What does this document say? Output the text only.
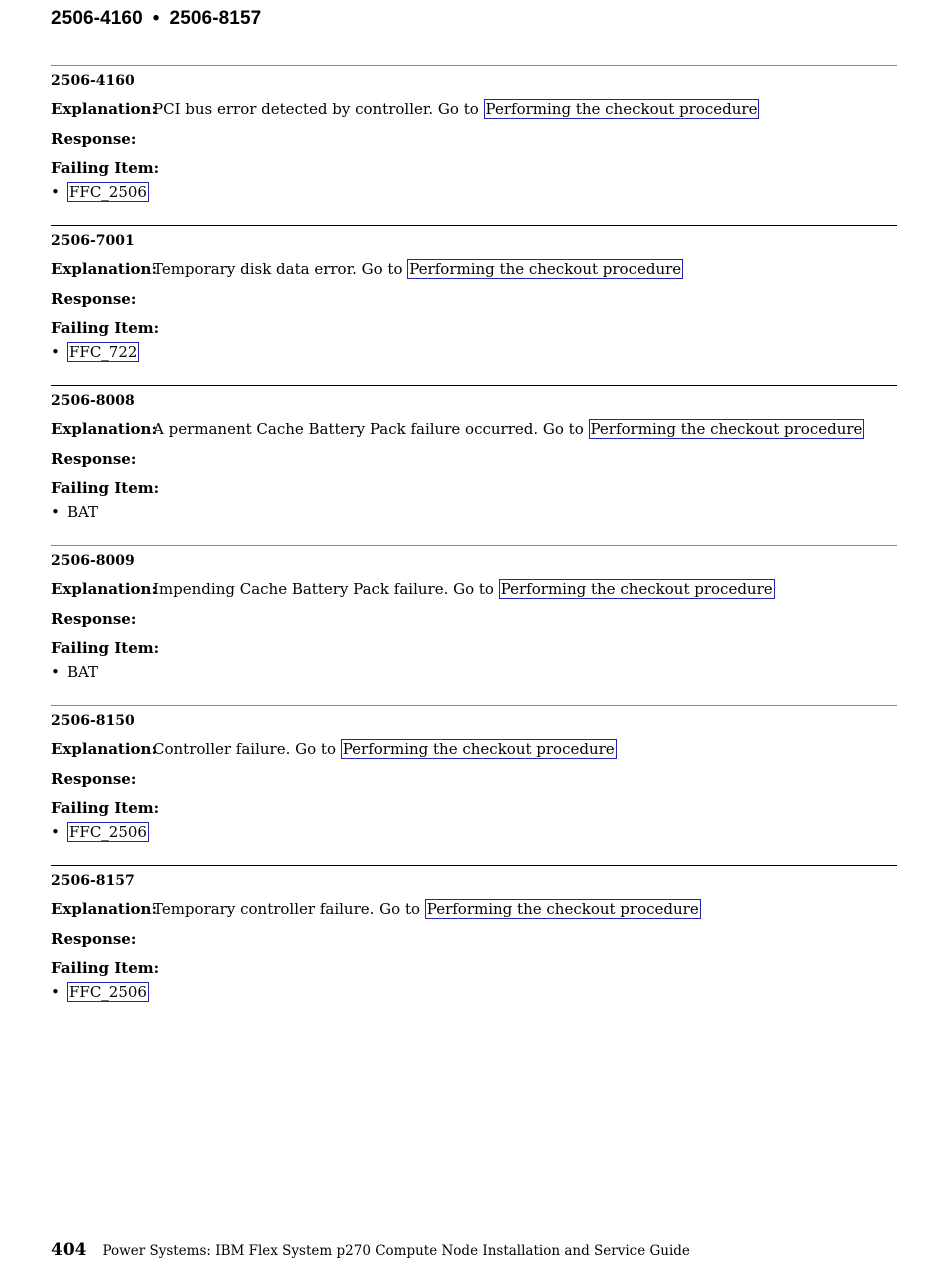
2506-4160 • 2506-8157
2506-4160
Explanation:
PCI bus error detected by controller. Go to Performing the checkout procedure
Response:
Failing Item:
• FFC_2506
2506-7001
Explanation:
Temporary disk data error. Go to Performing the checkout procedure
Response:
Failing Item:
• FFC_722
2506-8008
Explanation:
A permanent Cache Battery Pack failure occurred. Go to Performing the checkout procedure
Response:
Failing Item:
• BAT
2506-8009
Explanation:
Impending Cache Battery Pack failure. Go to Performing the checkout procedure
Response:
Failing Item:
• BAT
2506-8150
Explanation:
Controller failure. Go to Performing the checkout procedure
Response:
Failing Item:
• FFC_2506
2506-8157
Explanation:
Temporary controller failure. Go to Performing the checkout procedure
Response:
Failing Item:
• FFC_2506
404 Power Systems: IBM Flex System p270 Compute Node Installation and Service Guide
